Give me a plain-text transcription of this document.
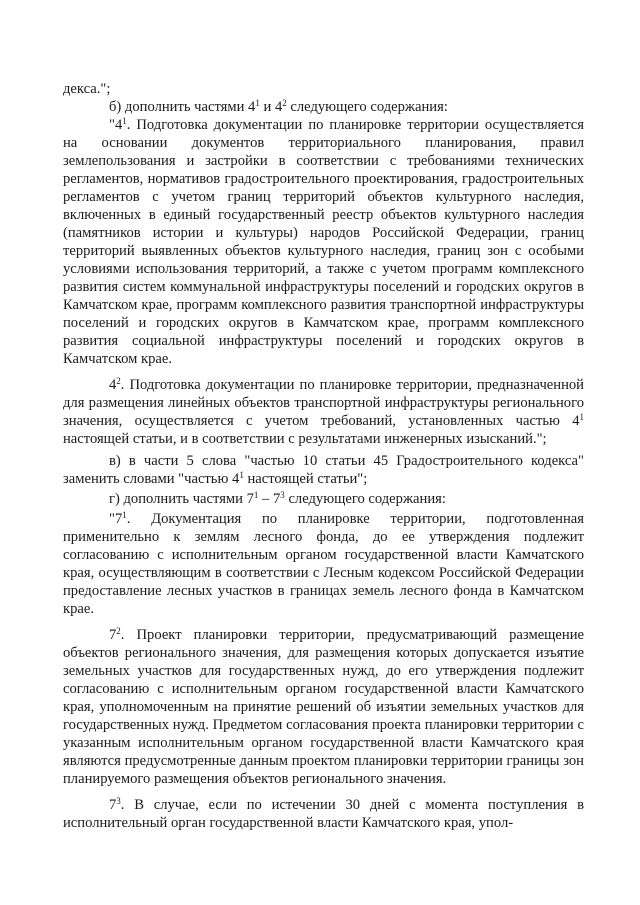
декса.";

б) дополнить частями $4^1$ и $4^2$ следующего содержания:

"$4^1$. Подготовка документации по планировке территории осуществляется на основании документов территориального планирования, правил землепользования и застройки в соответствии с требованиями технических регламентов, нормативов градостроительного проектирования, градостроительных регламентов с учетом границ территорий объектов культурного наследия, включенных в единый государственный реестр объектов культурного наследия (памятников истории и культуры) народов Российской Федерации, границ территорий выявленных объектов культурного наследия, границ зон с особыми условиями использования территорий, а также с учетом программ комплексного развития систем коммунальной инфраструктуры поселений и городских округов в Камчатском крае, программ комплексного развития транспортной инфраструктуры поселений и городских округов в Камчатском крае, программ комплексного развития социальной инфраструктуры поселений и городских округов в Камчатском крае.

$4^2$. Подготовка документации по планировке территории, предназначенной для размещения линейных объектов транспортной инфраструктуры регионального значения, осуществляется с учетом требований, установленных частью $4^1$ настоящей статьи, и в соответствии с результатами инженерных изысканий.";

в) в части 5 слова "частью 10 статьи 45 Градостроительного кодекса" заменить словами "частью $4^1$ настоящей статьи";

г) дополнить частями $7^1 - 7^3$ следующего содержания:

"$7^1$. Документация по планировке территории, подготовленная применительно к землям лесного фонда, до ее утверждения подлежит согласованию с исполнительным органом государственной власти Камчатского края, осуществляющим в соответствии с Лесным кодексом Российской Федерации предоставление лесных участков в границах земель лесного фонда в Камчатском крае.

$7^2$. Проект планировки территории, предусматривающий размещение объектов регионального значения, для размещения которых допускается изъятие земельных участков для государственных нужд, до его утверждения подлежит согласованию с исполнительным органом государственной власти Камчатского края, уполномоченным на принятие решений об изъятии земельных участков для государственных нужд. Предметом согласования проекта планировки территории с указанным исполнительным органом государственной власти Камчатского края являются предусмотренные данным проектом планировки территории границы зон планируемого размещения объектов регионального значения.

$7^3$. В случае, если по истечении 30 дней с момента поступления в исполнительный орган государственной власти Камчатского края, упол-
